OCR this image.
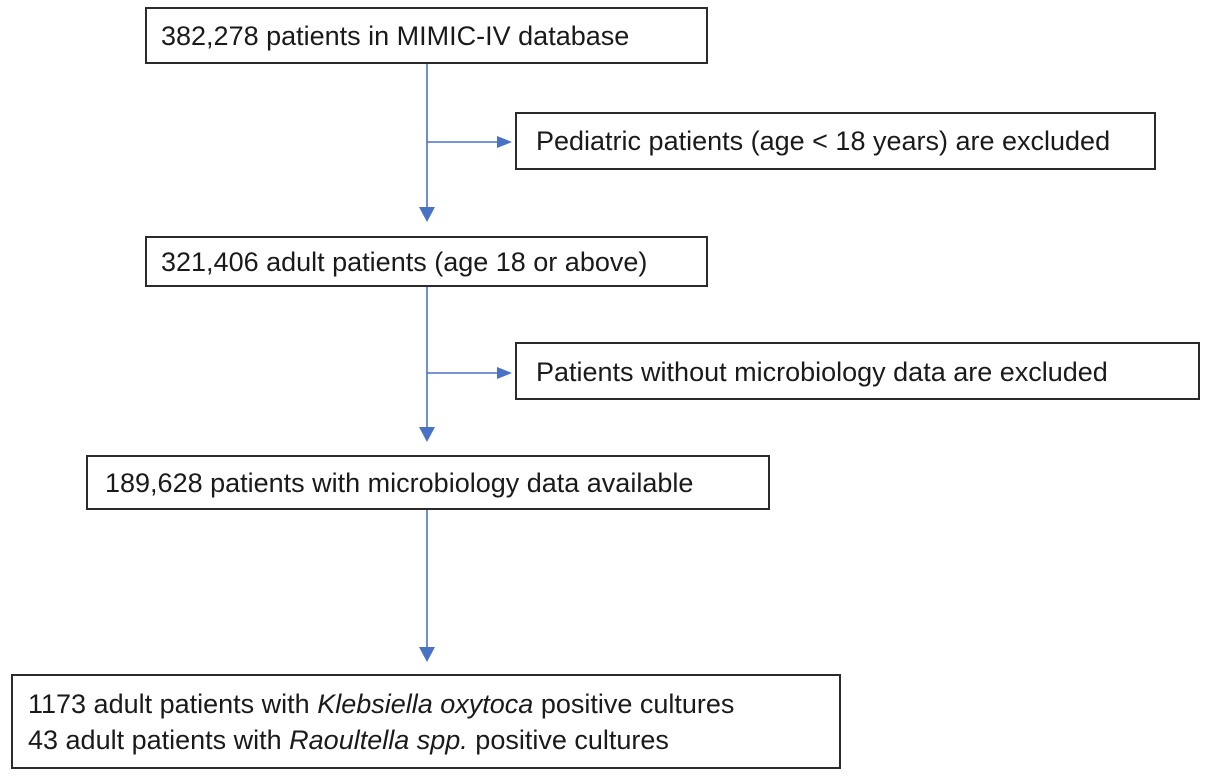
382,278 patients in MIMIC-IV database
Pediatric patients (age < 18 years) are excluded
321,406 adult patients (age 18 or above)
Patients without microbiology data are excluded
189,628 patients with microbiology data available
1173 adult patients with Klebsiella oxytoca positive cultures
43 adult patients with Raoultella spp. positive cultures
